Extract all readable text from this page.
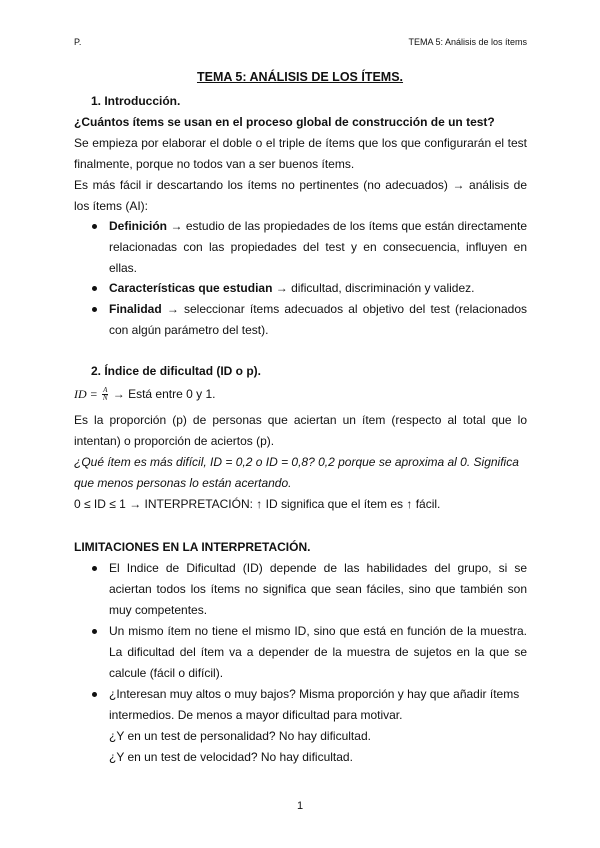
P.	TEMA 5: Análisis de los ítems
TEMA 5: ANÁLISIS DE LOS ÍTEMS.
1. Introducción.
¿Cuántos ítems se usan en el proceso global de construcción de un test?
Se empieza por elaborar el doble o el triple de ítems que los que configurarán el test finalmente, porque no todos van a ser buenos ítems.
Es más fácil ir descartando los ítems no pertinentes (no adecuados) → análisis de los ítems (AI):
Definición → estudio de las propiedades de los ítems que están directamente relacionadas con las propiedades del test y en consecuencia, influyen en ellas.
Características que estudian → dificultad, discriminación y validez.
Finalidad → seleccionar ítems adecuados al objetivo del test (relacionados con algún parámetro del test).
2. Índice de dificultad (ID o p).
ID = $\frac{A}{N}$ → Está entre 0 y 1.
Es la proporción (p) de personas que aciertan un ítem (respecto al total que lo intentan) o proporción de aciertos (p).
¿Qué ítem es más difícil, ID = 0,2 o ID = 0,8? 0,2 porque se aproxima al 0. Significa que menos personas lo están acertando.
0 ≤ ID ≤ 1 → INTERPRETACIÓN: ↑ ID significa que el ítem es ↑ fácil.
LIMITACIONES EN LA INTERPRETACIÓN.
El Indice de Dificultad (ID) depende de las habilidades del grupo, si se aciertan todos los ítems no significa que sean fáciles, sino que también son muy competentes.
Un mismo ítem no tiene el mismo ID, sino que está en función de la muestra. La dificultad del ítem va a depender de la muestra de sujetos en la que se calcule (fácil o difícil).
¿Interesan muy altos o muy bajos? Misma proporción y hay que añadir ítems intermedios. De menos a mayor dificultad para motivar.
¿Y en un test de personalidad? No hay dificultad.
¿Y en un test de velocidad? No hay dificultad.
1
